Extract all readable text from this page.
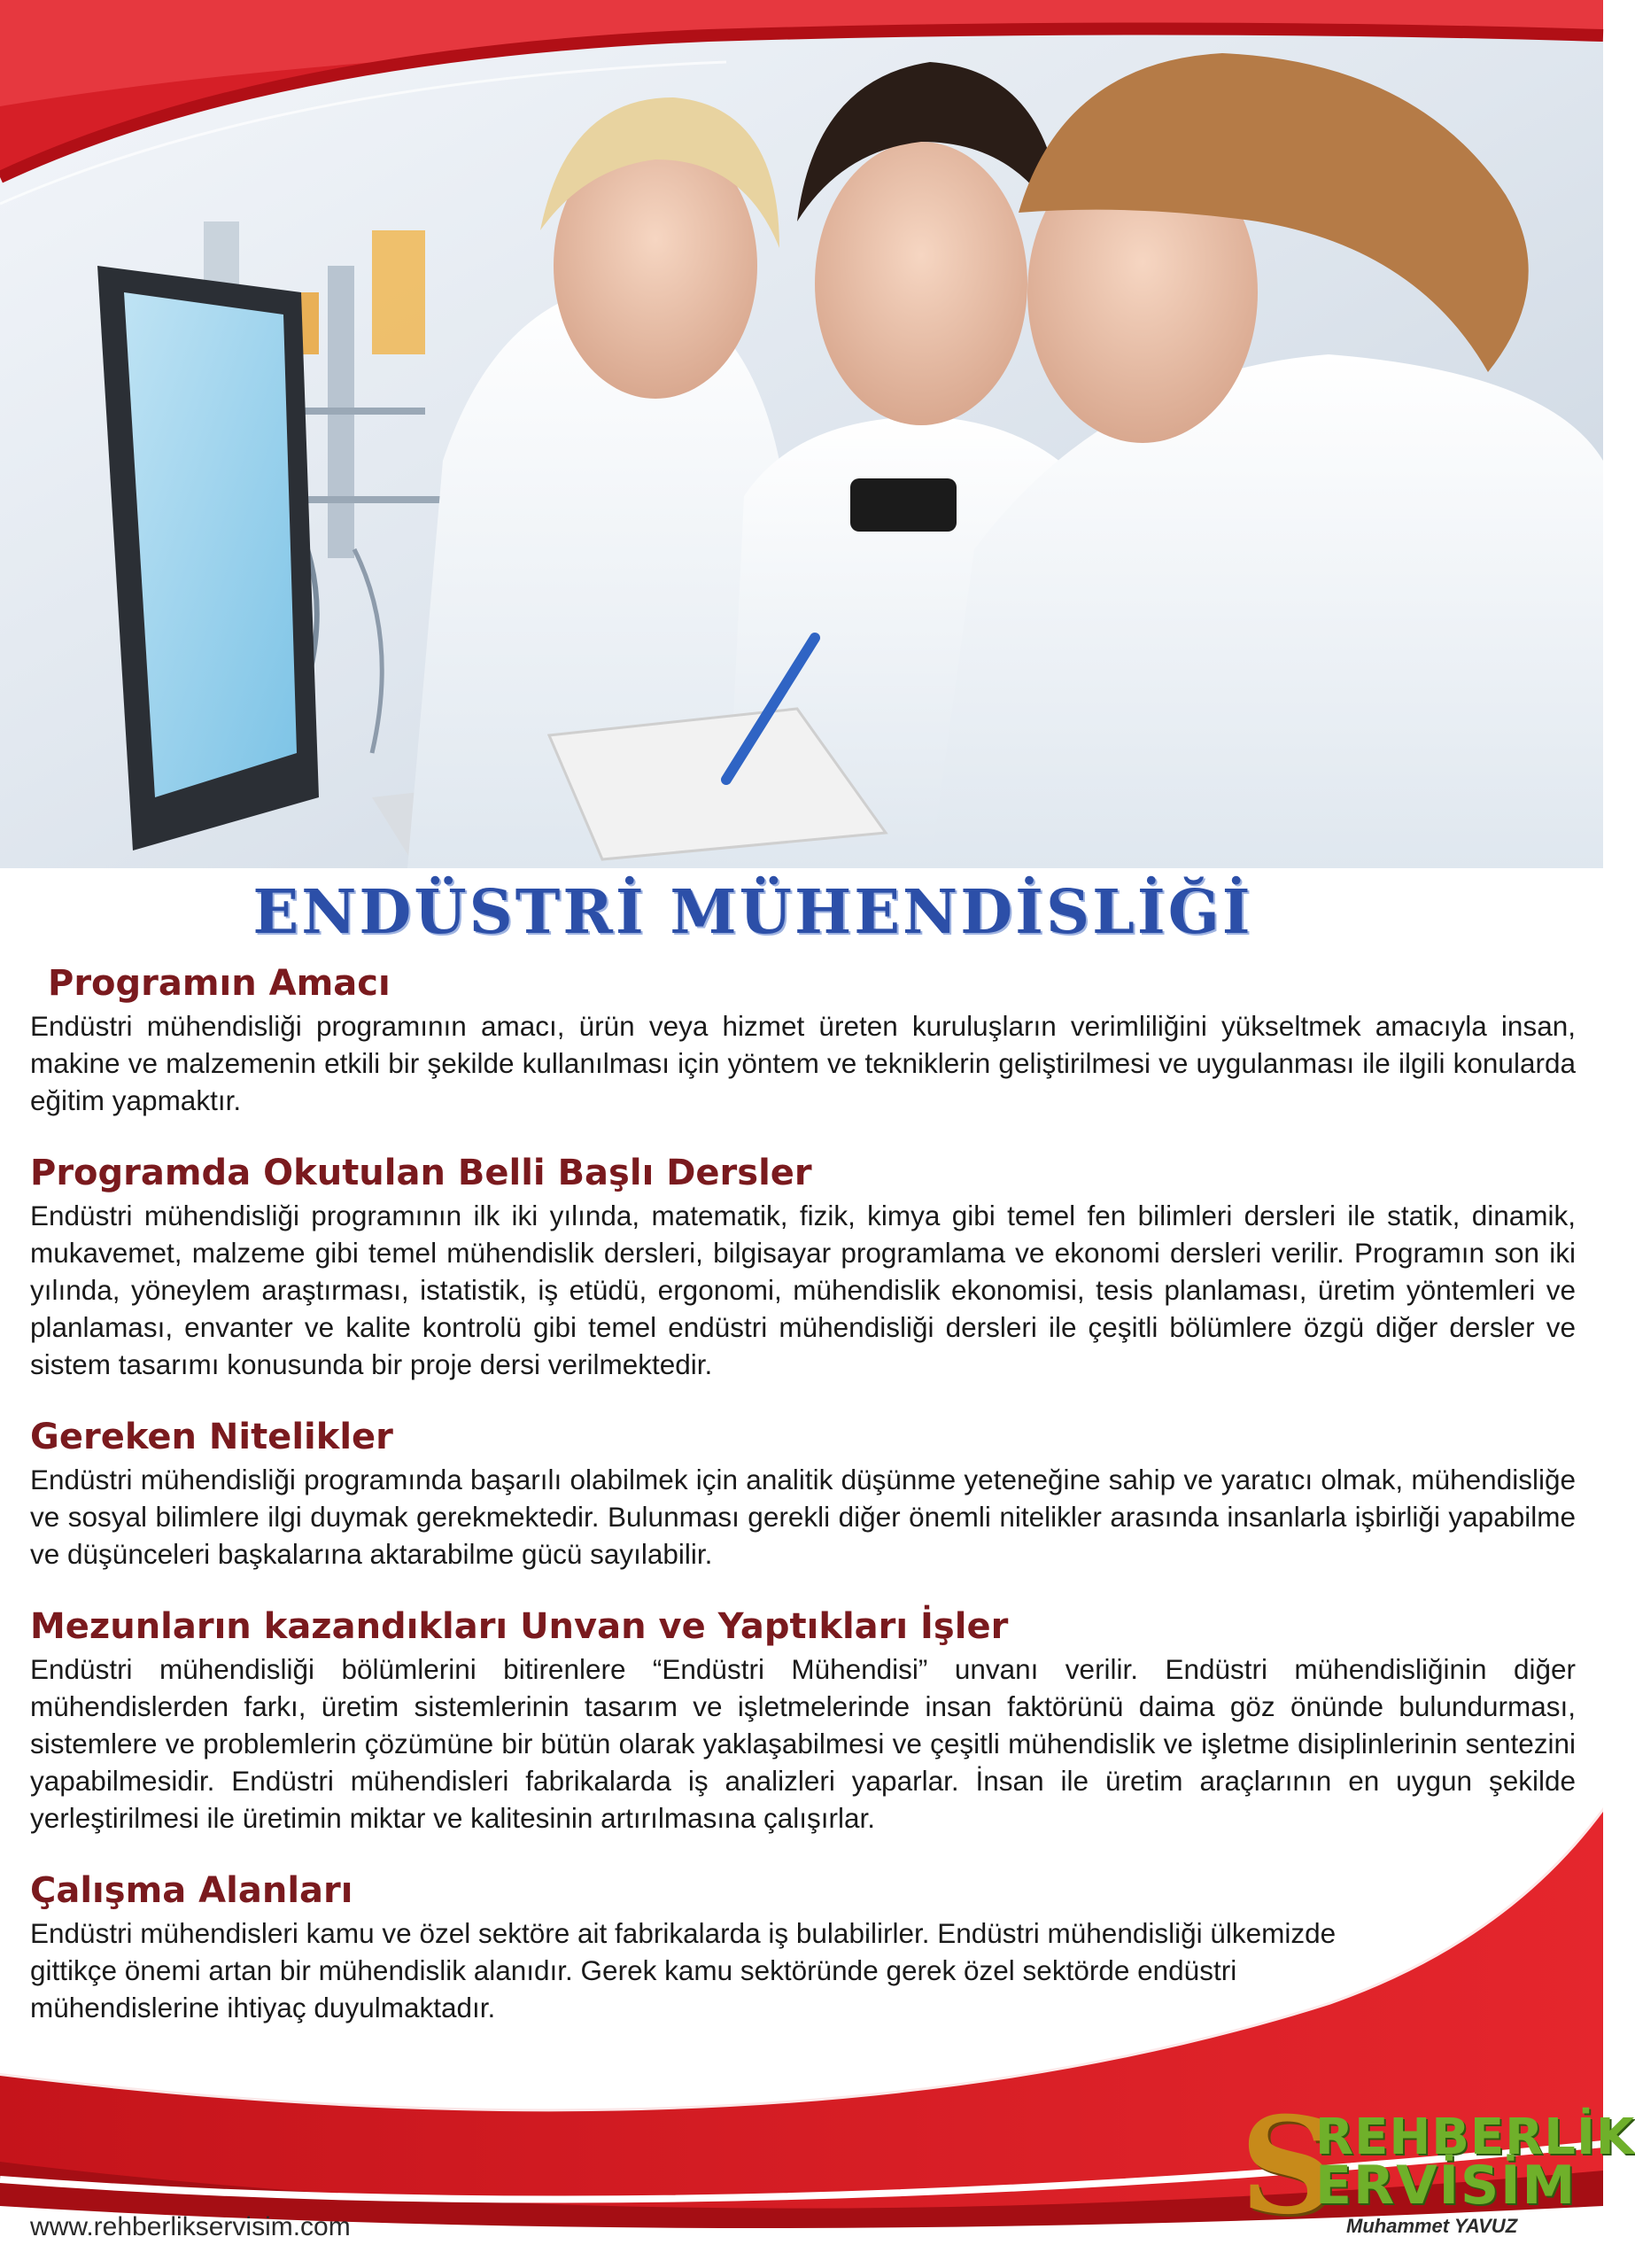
ENDÜSTRİ MÜHENDİSLİĞİ
Programın Amacı

Endüstri mühendisliği programının amacı, ürün veya hizmet üreten kuruluşların verimliliğini yükseltmek amacıyla insan, makine ve malzemenin etkili bir şekilde kullanılması için yöntem ve tekniklerin geliştirilmesi ve uygulanması ile ilgili konularda eğitim yapmaktır.

Programda Okutulan Belli Başlı Dersler

Endüstri mühendisliği programının ilk iki yılında, matematik, fizik, kimya gibi temel fen bilimleri dersleri ile statik, dinamik, mukavemet, malzeme gibi temel mühendislik dersleri, bilgisayar programlama ve ekonomi dersleri verilir. Programın son iki yılında, yöneylem araştırması, istatistik, iş etüdü, ergonomi, mühendislik ekonomisi, tesis planlaması, üretim yöntemleri ve planlaması, envanter ve kalite kontrolü gibi temel endüstri mühendisliği dersleri ile çeşitli bölümlere özgü diğer dersler ve sistem tasarımı konusunda bir proje dersi verilmektedir.

Gereken Nitelikler

Endüstri mühendisliği programında başarılı olabilmek için analitik düşünme yeteneğine sahip ve yaratıcı olmak, mühendisliğe ve sosyal bilimlere ilgi duymak gerekmektedir. Bulunması gerekli diğer önemli nitelikler arasında insanlarla işbirliği yapabilme ve düşünceleri başkalarına aktarabilme gücü sayılabilir.

Mezunların kazandıkları Unvan ve Yaptıkları İşler

Endüstri mühendisliği bölümlerini bitirenlere “Endüstri Mühendisi” unvanı verilir. Endüstri mühendisliğinin diğer mühendislerden farkı, üretim sistemlerinin tasarım ve işletmelerinde insan faktörünü daima göz önünde bulundurması, sistemlere ve problemlerin çözümüne bir bütün olarak yaklaşabilmesi ve çeşitli mühendislik ve işletme disiplinlerinin sentezini yapabilmesidir. Endüstri mühendisleri fabrikalarda iş analizleri yaparlar. İnsan ile üretim araçlarının en uygun şekilde yerleştirilmesi ile üretimin miktar ve kalitesinin artırılmasına çalışırlar.

Çalışma Alanları

Endüstri mühendisleri kamu ve özel sektöre ait fabrikalarda iş bulabilirler. Endüstri mühendisliği ülkemizde gittikçe önemi artan bir mühendislik alanıdır. Gerek kamu sektöründe gerek özel sektörde endüstri mühendislerine ihtiyaç duyulmaktadır.

www.rehberlikservisim.com	S
REHBERLİK
ERVİSİM
Muhammet YAVUZ
